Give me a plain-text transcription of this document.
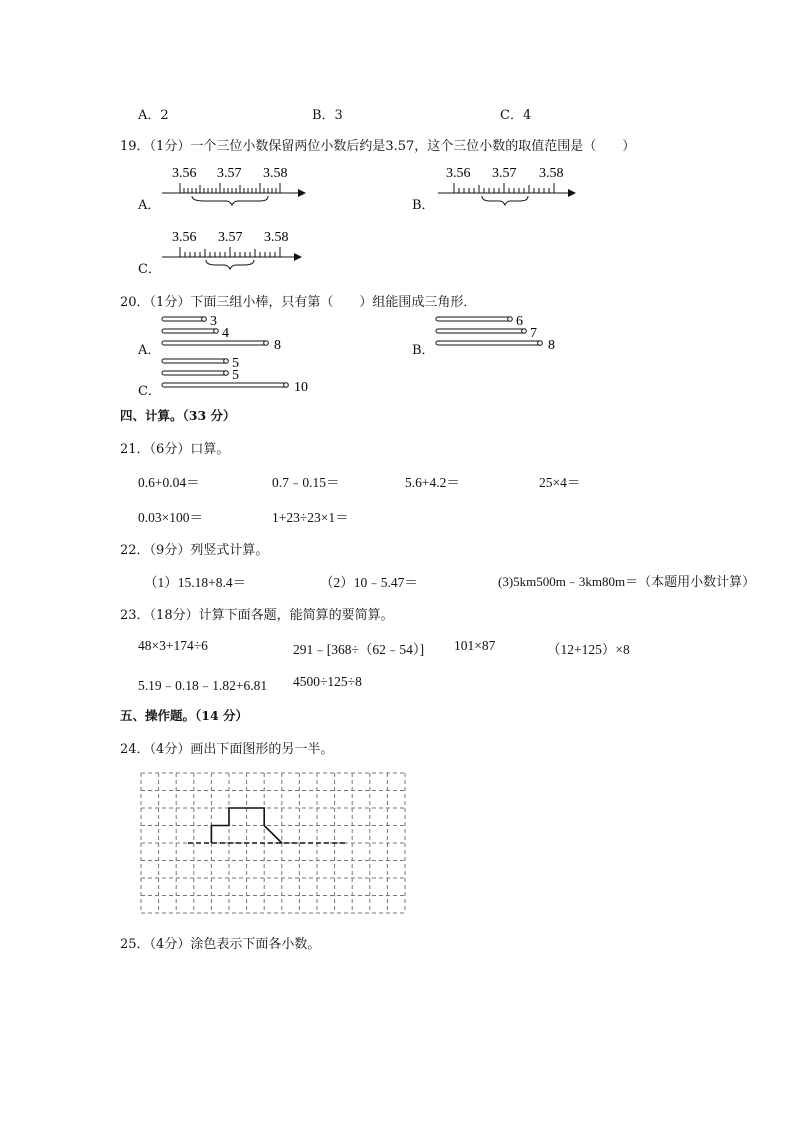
A．2	B．3	C．4
19．（1分）一个三位小数保留两位小数后约是3.57，这个三位小数的取值范围是（　　）
A．
3.56 3.57 3.58
B．
3.56 3.57 3.58
C．
3.56 3.57 3.58
20．（1分）下面三组小棒，只有第（　　）组能围成三角形．
A．
3
4
8	B．
6
7
8
C．
5
5
10
四、计算。（33 分）
21．（6分）口算。
0.6+0.04＝	0.7﹣0.15＝	5.6+4.2＝	25×4＝
0.03×100＝	1+23÷23×1＝
22．（9分）列竖式计算。
（1）15.18+8.4＝	（2）10﹣5.47＝	(3)5km500m﹣3km80m＝（本题用小数计算）
23．（18分）计算下面各题，能简算的要简算。
48×3+174÷6	291﹣[368÷（62﹣54）] 101×87	（12+125）×8
5.19﹣0.18﹣1.82+6.81 4500÷125÷8
五、操作题。（14 分）
24．（4分）画出下面图形的另一半。
25．（4分）涂色表示下面各小数。
